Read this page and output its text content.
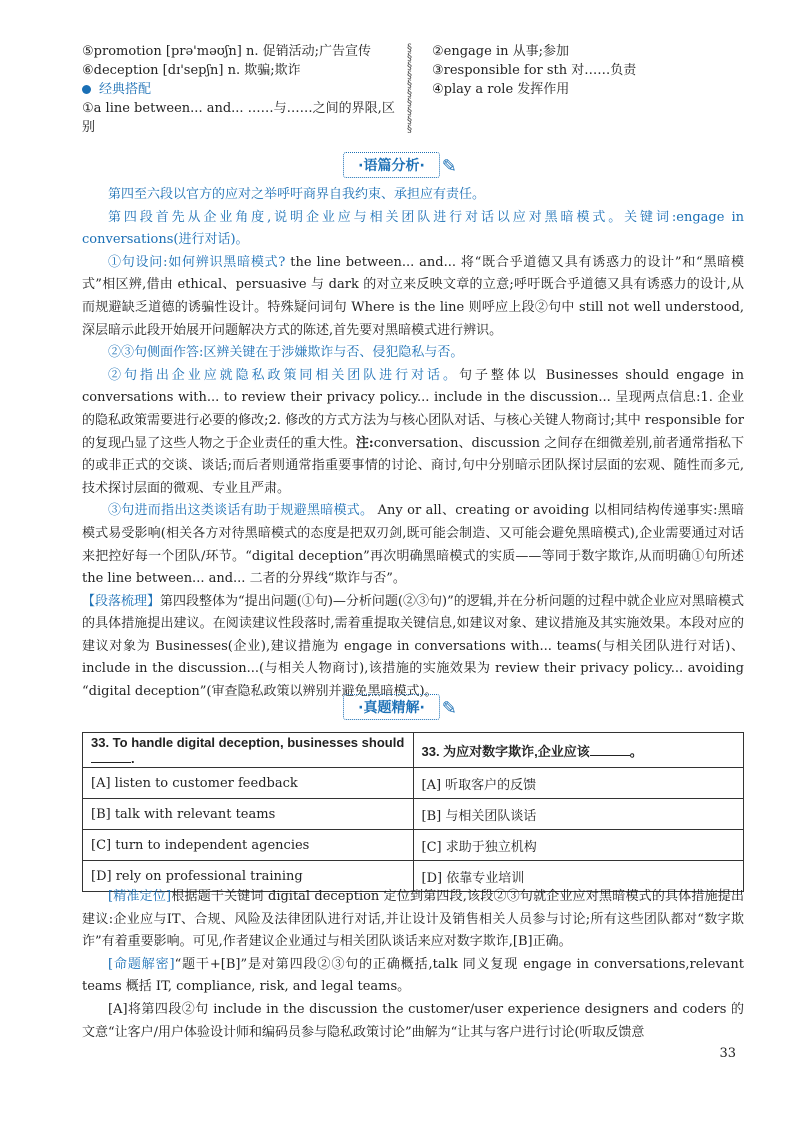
⑤promotion [prə'məʊʃn] n. 促销活动;广告宣传
⑥deception [dɪ'sepʃn] n. 欺骗;欺诈
经典搭配
①a line between... and... ……与……之间的界限,区别
§
§
§
§
§
§
§
§
§
§
②engage in 从事;参加
③responsible for sth 对……负责
④play a role 发挥作用
·语篇分析· ✎

第四至六段以官方的应对之举呼吁商界自我约束、承担应有责任。

第四段首先从企业角度,说明企业应与相关团队进行对话以应对黑暗模式。关键词:engage in conversations(进行对话)。

①句设问:如何辨识黑暗模式? the line between... and... 将“既合乎道德又具有诱惑力的设计”和“黑暗模式”相区辨,借由 ethical、persuasive 与 dark 的对立来反映文章的立意;呼吁既合乎道德又具有诱惑力的设计,从而规避缺乏道德的诱骗性设计。特殊疑问词句 Where is the line 则呼应上段②句中 still not well understood,深层暗示此段开始展开问题解决方式的陈述,首先要对黑暗模式进行辨识。

②③句侧面作答:区辨关键在于涉嫌欺诈与否、侵犯隐私与否。

②句指出企业应就隐私政策同相关团队进行对话。句子整体以 Businesses should engage in conversations with... to review their privacy policy... include in the discussion... 呈现两点信息:1. 企业的隐私政策需要进行必要的修改;2. 修改的方式方法为与核心团队对话、与核心关键人物商讨;其中 responsible for 的复现凸显了这些人物之于企业责任的重大性。注:conversation、discussion 之间存在细微差别,前者通常指私下的或非正式的交谈、谈话;而后者则通常指重要事情的讨论、商讨,句中分别暗示团队探讨层面的宏观、随性而多元,技术探讨层面的微观、专业且严肃。

③句进而指出这类谈话有助于规避黑暗模式。 Any or all、creating or avoiding 以相同结构传递事实:黑暗模式易受影响(相关各方对待黑暗模式的态度是把双刃剑,既可能会制造、又可能会避免黑暗模式),企业需要通过对话来把控好每一个团队/环节。“digital deception”再次明确黑暗模式的实质——等同于数字欺诈,从而明确①句所述 the line between... and... 二者的分界线“欺诈与否”。

【段落梳理】第四段整体为“提出问题(①句)—分析问题(②③句)”的逻辑,并在分析问题的过程中就企业应对黑暗模式的具体措施提出建议。在阅读建议性段落时,需着重提取关键信息,如建议对象、建议措施及其实施效果。本段对应的建议对象为 Businesses(企业),建议措施为 engage in conversations with... teams(与相关团队进行对话)、include in the discussion...(与相关人物商讨),该措施的实施效果为 review their privacy policy... avoiding “digital deception”(审查隐私政策以辨别并避免黑暗模式)。

·真题精解· ✎
33. To handle digital deception, businesses should .	33. 为应对数字欺诈,企业应该 。
[A] listen to customer feedback	[A] 听取客户的反馈
[B] talk with relevant teams	[B] 与相关团队谈话
[C] turn to independent agencies	[C] 求助于独立机构
[D] rely on professional training	[D] 依靠专业培训

[精准定位]根据题干关键词 digital deception 定位到第四段,该段②③句就企业应对黑暗模式的具体措施提出建议:企业应与IT、合规、风险及法律团队进行对话,并让设计及销售相关人员参与讨论;所有这些团队都对“数字欺诈”有着重要影响。可见,作者建议企业通过与相关团队谈话来应对数字欺诈,[B]正确。

[命题解密]“题干+[B]”是对第四段②③句的正确概括,talk 同义复现 engage in conversations,relevant teams 概括 IT, compliance, risk, and legal teams。

[A]将第四段②句 include in the discussion the customer/user experience designers and coders 的文意“让客户/用户体验设计师和编码员参与隐私政策讨论”曲解为“让其与客户进行讨论(听取反馈意

33
